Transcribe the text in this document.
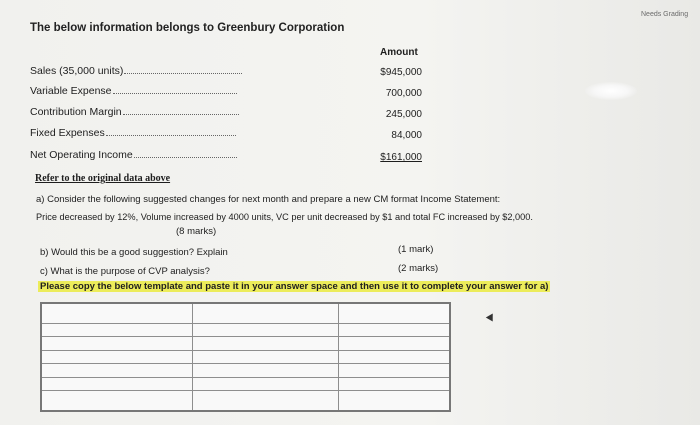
Needs Grading
The below information belongs to Greenbury Corporation
Amount
Sales (35,000 units)	$945,000
Variable Expense	700,000
Contribution Margin	245,000
Fixed Expenses	84,000
Net Operating Income	$161,000
Refer to the original data above
a) Consider the following suggested changes for next month and prepare a new CM format Income Statement:
Price decreased by 12%, Volume increased by 4000 units, VC per unit decreased by $1 and total FC increased by $2,000.
(8 marks)
b) Would this be a good suggestion? Explain	(1 mark)
c) What is the purpose of CVP analysis?	(2 marks)
Please copy the below template and paste it in your answer space and then use it to complete your answer for a)
